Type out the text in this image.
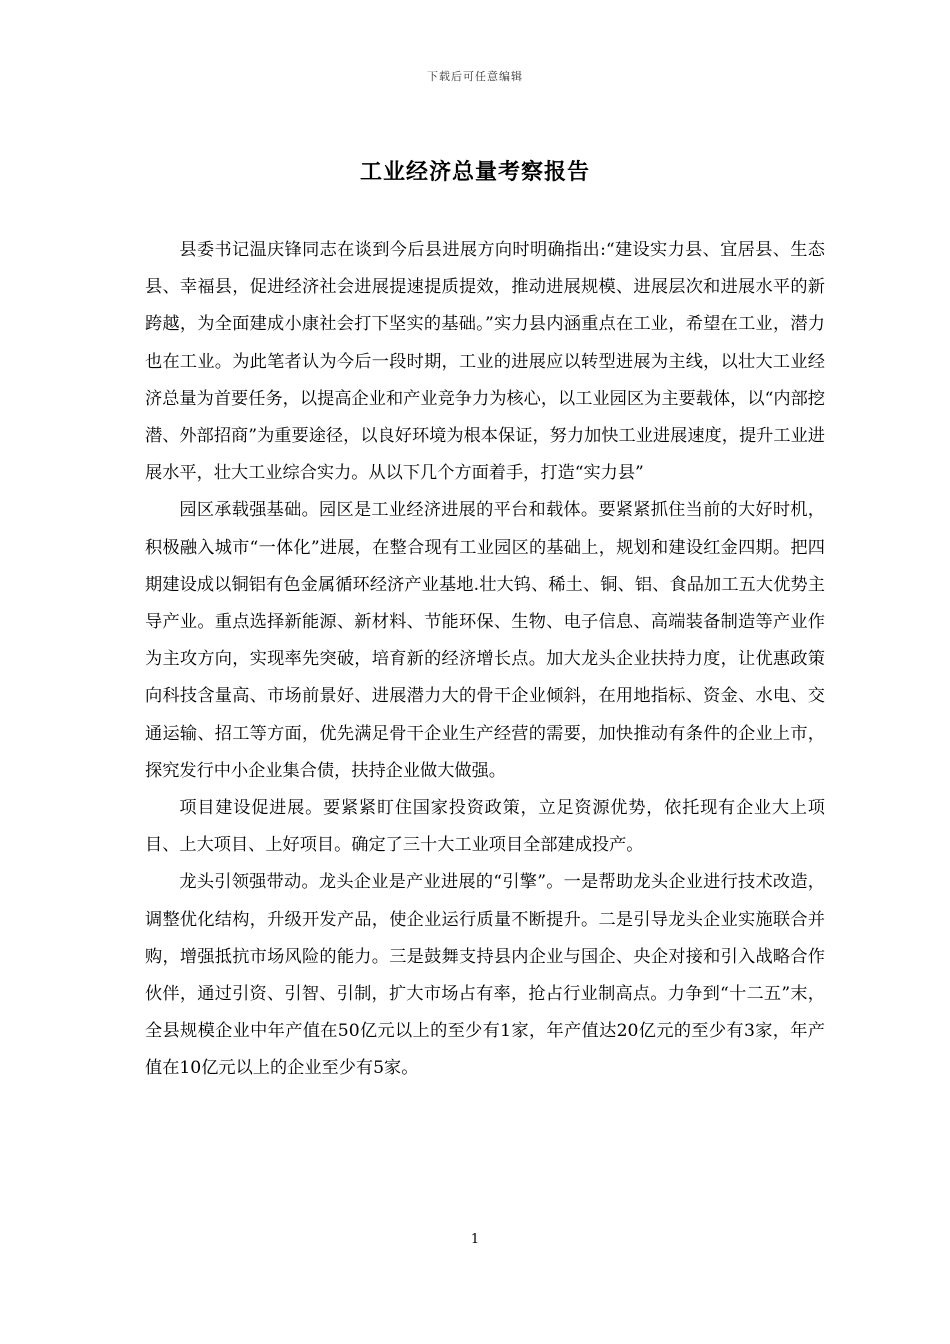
下载后可任意编辑
工业经济总量考察报告

县委书记温庆锋同志在谈到今后县进展方向时明确指出:“建设实力县、宜居县、生态县、幸福县，促进经济社会进展提速提质提效，推动进展规模、进展层次和进展水平的新跨越，为全面建成小康社会打下坚实的基础。”实力县内涵重点在工业，希望在工业，潜力也在工业。为此笔者认为今后一段时期，工业的进展应以转型进展为主线，以壮大工业经济总量为首要任务，以提高企业和产业竞争力为核心，以工业园区为主要载体，以“内部挖潜、外部招商”为重要途径，以良好环境为根本保证，努力加快工业进展速度，提升工业进展水平，壮大工业综合实力。从以下几个方面着手，打造“实力县”

园区承载强基础。园区是工业经济进展的平台和载体。要紧紧抓住当前的大好时机，积极融入城市“一体化”进展，在整合现有工业园区的基础上，规划和建设红金四期。把四期建设成以铜铝有色金属循环经济产业基地.壮大钨、稀土、铜、铝、食品加工五大优势主导产业。重点选择新能源、新材料、节能环保、生物、电子信息、高端装备制造等产业作为主攻方向，实现率先突破，培育新的经济增长点。加大龙头企业扶持力度，让优惠政策向科技含量高、市场前景好、进展潜力大的骨干企业倾斜，在用地指标、资金、水电、交通运输、招工等方面，优先满足骨干企业生产经营的需要，加快推动有条件的企业上市，探究发行中小企业集合债，扶持企业做大做强。

项目建设促进展。要紧紧盯住国家投资政策，立足资源优势，依托现有企业大上项目、上大项目、上好项目。确定了三十大工业项目全部建成投产。

龙头引领强带动。龙头企业是产业进展的“引擎”。一是帮助龙头企业进行技术改造，调整优化结构，升级开发产品，使企业运行质量不断提升。二是引导龙头企业实施联合并购，增强抵抗市场风险的能力。三是鼓舞支持县内企业与国企、央企对接和引入战略合作伙伴，通过引资、引智、引制，扩大市场占有率，抢占行业制高点。力争到“十二五”末，全县规模企业中年产值在50亿元以上的至少有1家，年产值达20亿元的至少有3家，年产值在10亿元以上的企业至少有5家。

1
